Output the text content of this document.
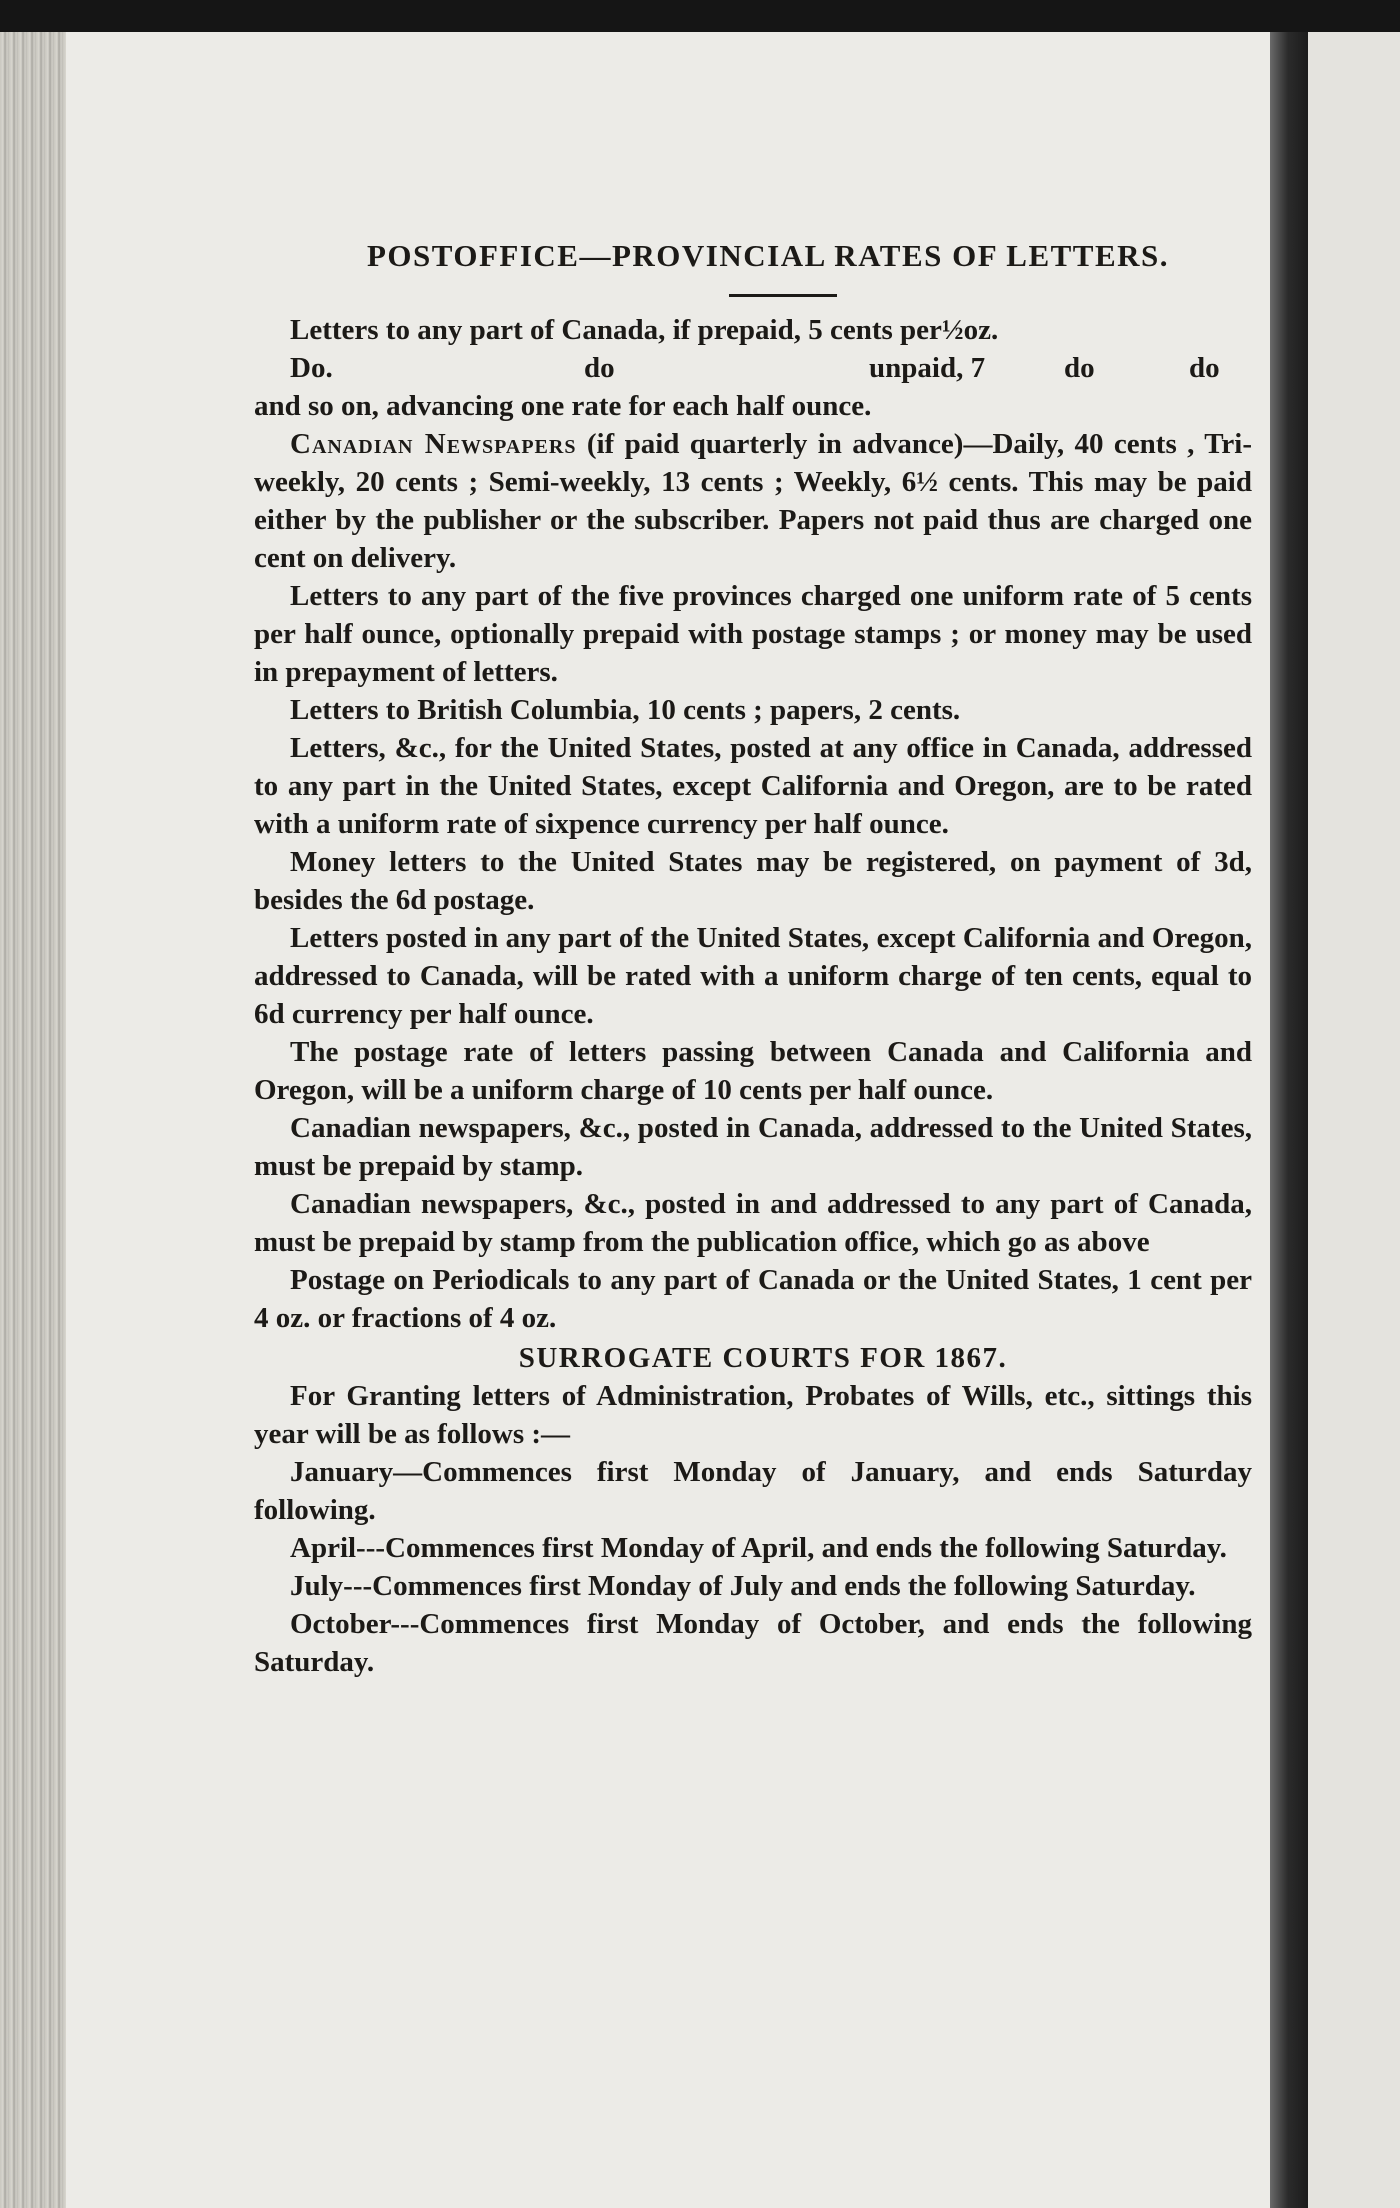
POSTOFFICE—PROVINCIAL RATES OF LETTERS.

Letters to any part of Canada, if prepaid, 5 cents per½oz.

Do.	do	unpaid, 7	do	do

and so on, advancing one rate for each half ounce.

Canadian Newspapers (if paid quarterly in advance)—Daily, 40 cents , Tri-weekly, 20 cents ; Semi-weekly, 13 cents ; Weekly, 6½ cents. This may be paid either by the publisher or the subscriber. Papers not paid thus are charged one cent on delivery.

Letters to any part of the five provinces charged one uniform rate of 5 cents per half ounce, optionally prepaid with postage stamps ; or money may be used in prepayment of letters.

Letters to British Columbia, 10 cents ; papers, 2 cents.

Letters, &c., for the United States, posted at any office in Canada, addressed to any part in the United States, except California and Oregon, are to be rated with a uniform rate of sixpence currency per half ounce.

Money letters to the United States may be registered, on payment of 3d, besides the 6d postage.

Letters posted in any part of the United States, except California and Oregon, addressed to Canada, will be rated with a uniform charge of ten cents, equal to 6d currency per half ounce.

The postage rate of letters passing between Canada and California and Oregon, will be a uniform charge of 10 cents per half ounce.

Canadian newspapers, &c., posted in Canada, addressed to the United States, must be prepaid by stamp.

Canadian newspapers, &c., posted in and addressed to any part of Canada, must be prepaid by stamp from the publication office, which go as above

Postage on Periodicals to any part of Canada or the United States, 1 cent per 4 oz. or fractions of 4 oz.

SURROGATE COURTS FOR 1867.

For Granting letters of Administration, Probates of Wills, etc., sittings this year will be as follows :—

January—Commences first Monday of January, and ends Saturday following.

April---Commences first Monday of April, and ends the following Saturday.

July---Commences first Monday of July and ends the following Saturday.

October---Commences first Monday of October, and ends the following Saturday.
